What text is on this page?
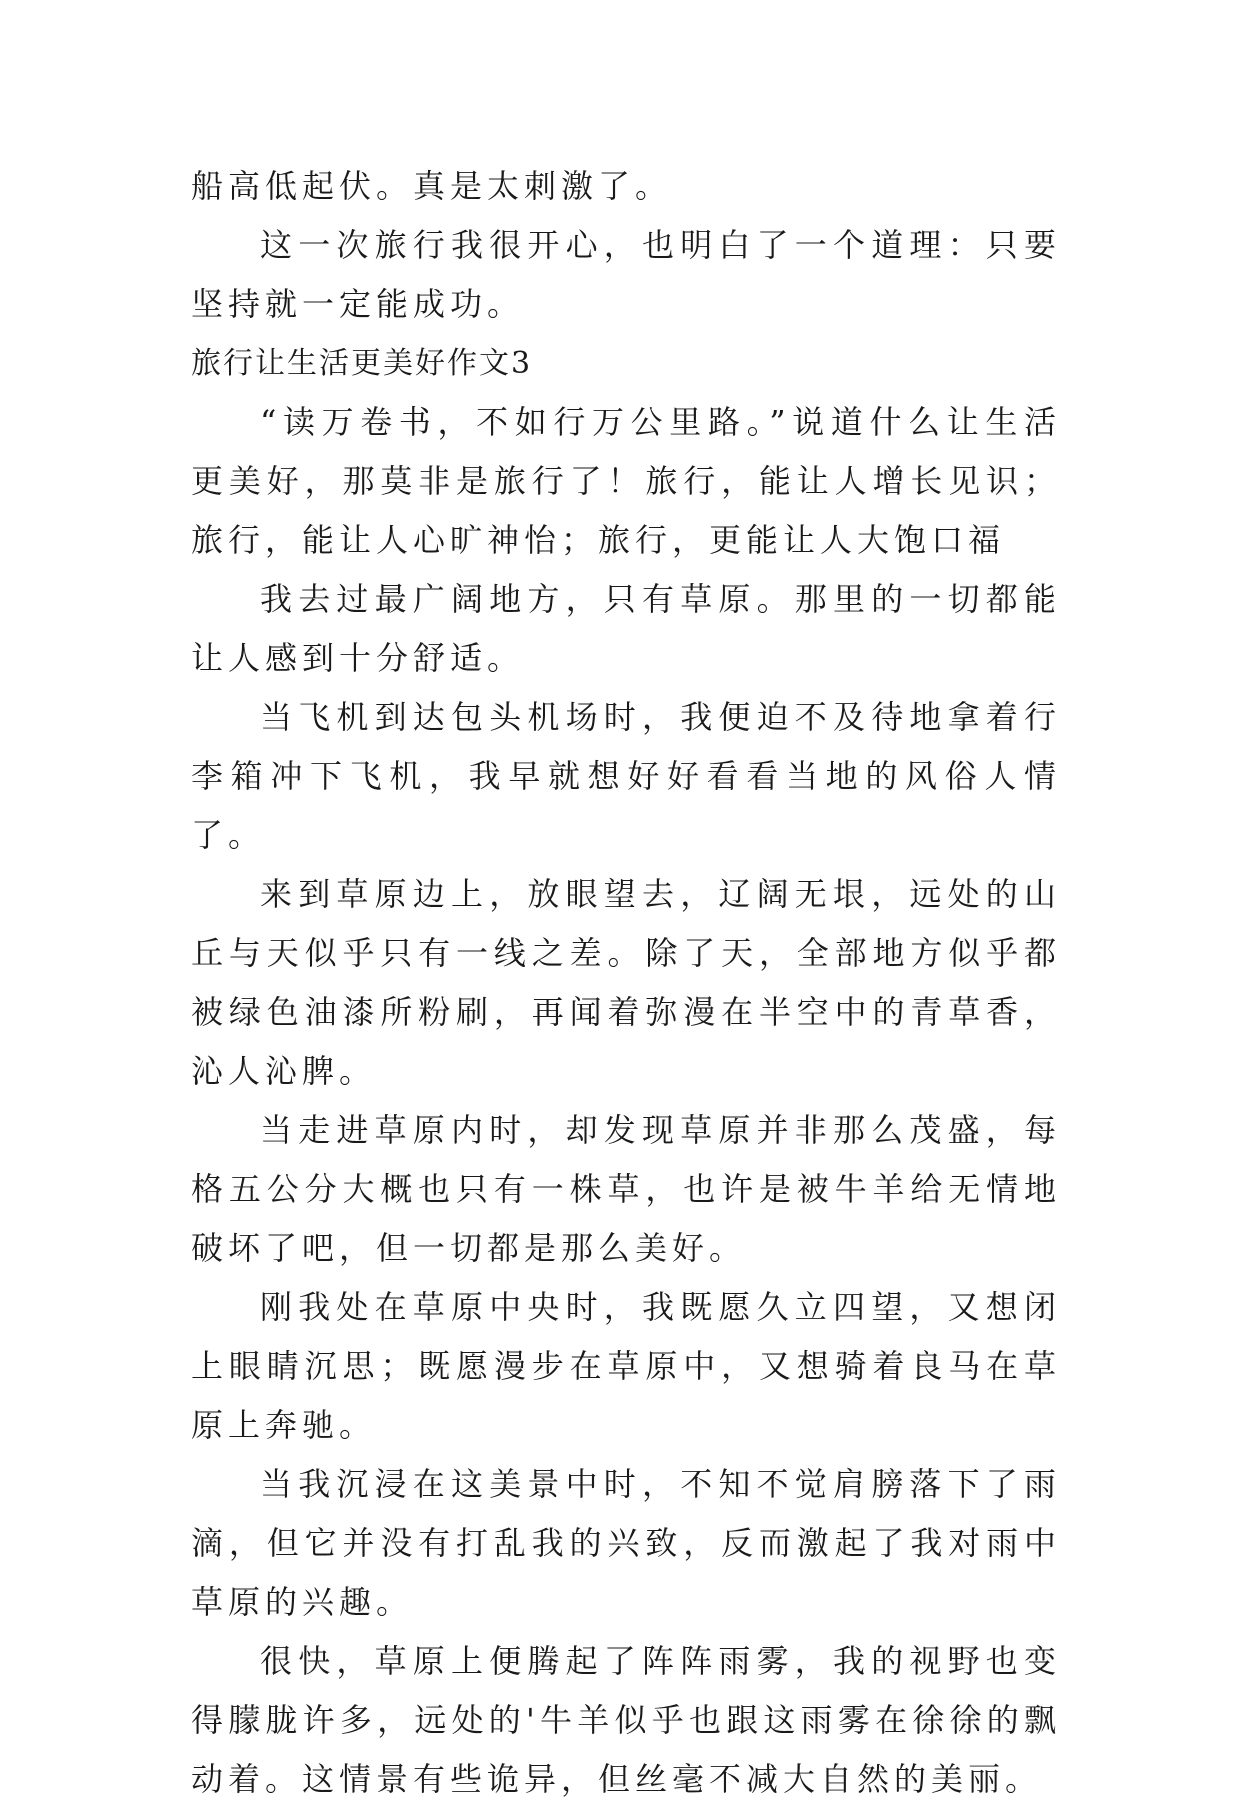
船高低起伏。真是太刺激了。

这一次旅行我很开心，也明白了一个道理：只要坚持就一定能成功。

旅行让生活更美好作文3

“读万卷书，不如行万公里路。”说道什么让生活更美好，那莫非是旅行了！旅行，能让人增长见识；旅行，能让人心旷神怡；旅行，更能让人大饱口福

我去过最广阔地方，只有草原。那里的一切都能让人感到十分舒适。

当飞机到达包头机场时，我便迫不及待地拿着行李箱冲下飞机，我早就想好好看看当地的风俗人情了。

来到草原边上，放眼望去，辽阔无垠，远处的山丘与天似乎只有一线之差。除了天，全部地方似乎都被绿色油漆所粉刷，再闻着弥漫在半空中的青草香，沁人沁脾。

当走进草原内时，却发现草原并非那么茂盛，每格五公分大概也只有一株草，也许是被牛羊给无情地破坏了吧，但一切都是那么美好。

刚我处在草原中央时，我既愿久立四望，又想闭上眼睛沉思；既愿漫步在草原中，又想骑着良马在草原上奔驰。

当我沉浸在这美景中时，不知不觉肩膀落下了雨滴，但它并没有打乱我的兴致，反而激起了我对雨中草原的兴趣。

很快，草原上便腾起了阵阵雨雾，我的视野也变得朦胧许多，远处的'牛羊似乎也跟这雨雾在徐徐的飘动着。这情景有些诡异，但丝毫不减大自然的美丽。
